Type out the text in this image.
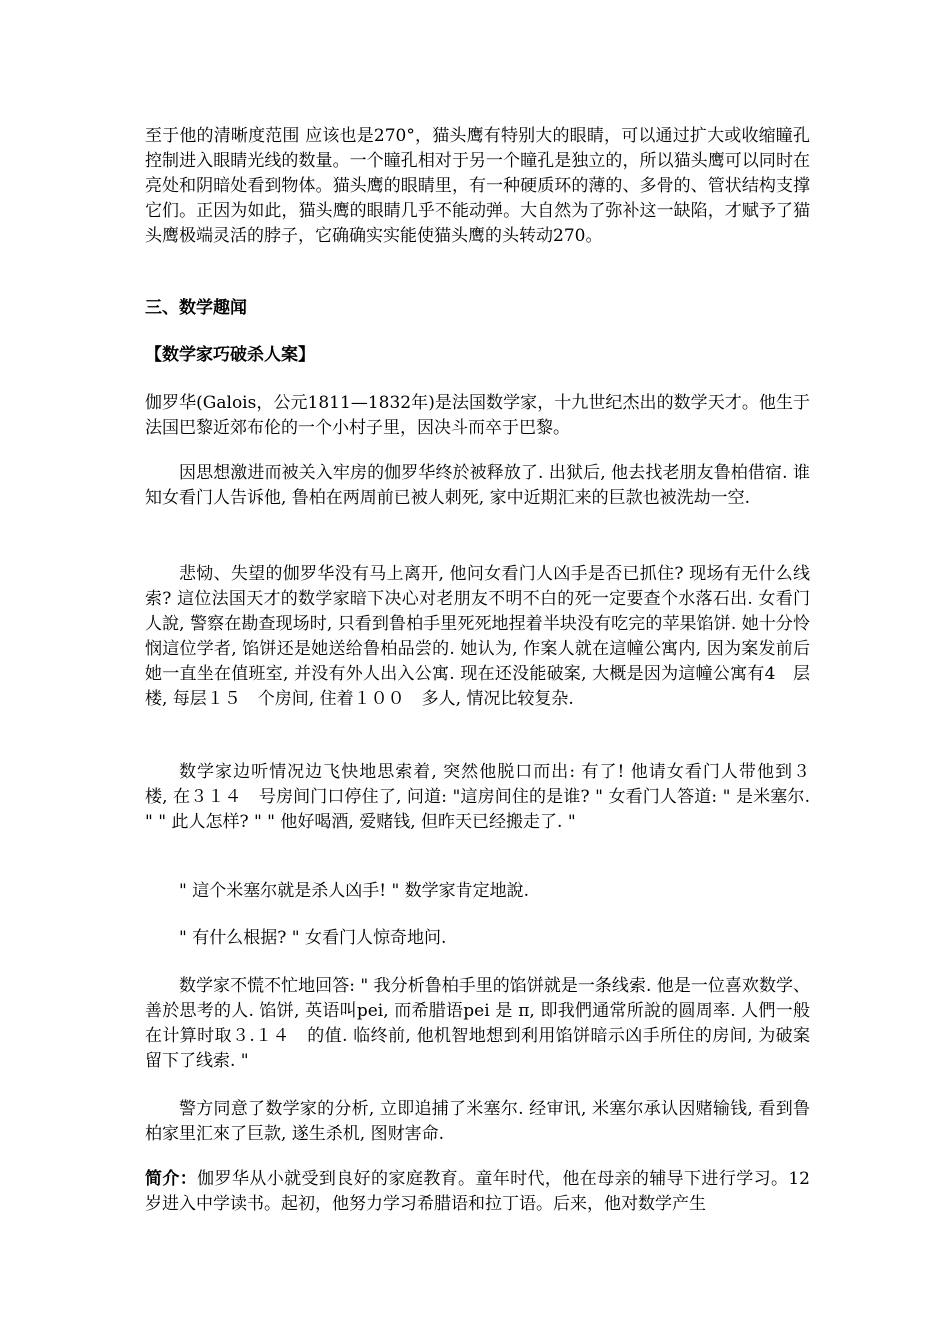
至于他的清晰度范围 应该也是270°，猫头鹰有特别大的眼睛，可以通过扩大或收缩瞳孔控制进入眼睛光线的数量。一个瞳孔相对于另一个瞳孔是独立的，所以猫头鹰可以同时在亮处和阴暗处看到物体。猫头鹰的眼睛里，有一种硬质环的薄的、多骨的、管状结构支撑它们。正因为如此，猫头鹰的眼睛几乎不能动弹。大自然为了弥补这一缺陷，才赋予了猫头鹰极端灵活的脖子，它确确实实能使猫头鹰的头转动270。

三、数学趣闻

【数学家巧破杀人案】

伽罗华(Galois，公元1811—1832年)是法国数学家，十九世纪杰出的数学天才。他生于法国巴黎近郊布伦的一个小村子里，因决斗而卒于巴黎。

因思想激进而被关入牢房的伽罗华终於被释放了. 出狱后, 他去找老朋友鲁柏借宿. 谁知女看门人告诉他, 鲁柏在两周前已被人刺死, 家中近期汇来的巨款也被洗劫一空.

悲恸、失望的伽罗华没有马上离开, 他问女看门人凶手是否已抓住? 现场有无什么线索? 這位法国天才的数学家暗下决心对老朋友不明不白的死一定要查个水落石出. 女看门人說, 警察在勘查现场时, 只看到鲁柏手里死死地捏着半块没有吃完的苹果馅饼. 她十分怜悯這位学者, 馅饼还是她送给鲁柏品尝的. 她认为, 作案人就在這幢公寓内, 因为案发前后她一直坐在值班室, 并没有外人出入公寓. 现在还没能破案, 大概是因为這幢公寓有4　层楼, 每层１５　个房间, 住着１００　多人, 情况比较复杂.

数学家边听情况边飞快地思索着, 突然他脱口而出: 有了! 他请女看门人带他到３　楼, 在３１４　号房间门口停住了, 问道: "這房间住的是谁? " 女看门人答道: " 是米塞尔. " " 此人怎样? " " 他好喝酒, 爱赌钱, 但昨天已经搬走了. "

" 這个米塞尔就是杀人凶手! " 数学家肯定地說.

" 有什么根据? " 女看门人惊奇地问.

数学家不慌不忙地回答: " 我分析鲁柏手里的馅饼就是一条线索. 他是一位喜欢数学、善於思考的人. 馅饼, 英语叫pei, 而希腊语pei 是 π, 即我們通常所說的圆周率. 人們一般在计算时取３.１４　的值. 临终前, 他机智地想到利用馅饼暗示凶手所住的房间, 为破案留下了线索. "

警方同意了数学家的分析, 立即追捕了米塞尔. 经审讯, 米塞尔承认因赌输钱, 看到鲁柏家里汇來了巨款, 遂生杀机, 图财害命.

简介：伽罗华从小就受到良好的家庭教育。童年时代，他在母亲的辅导下进行学习。12岁进入中学读书。起初，他努力学习希腊语和拉丁语。后来，他对数学产生
